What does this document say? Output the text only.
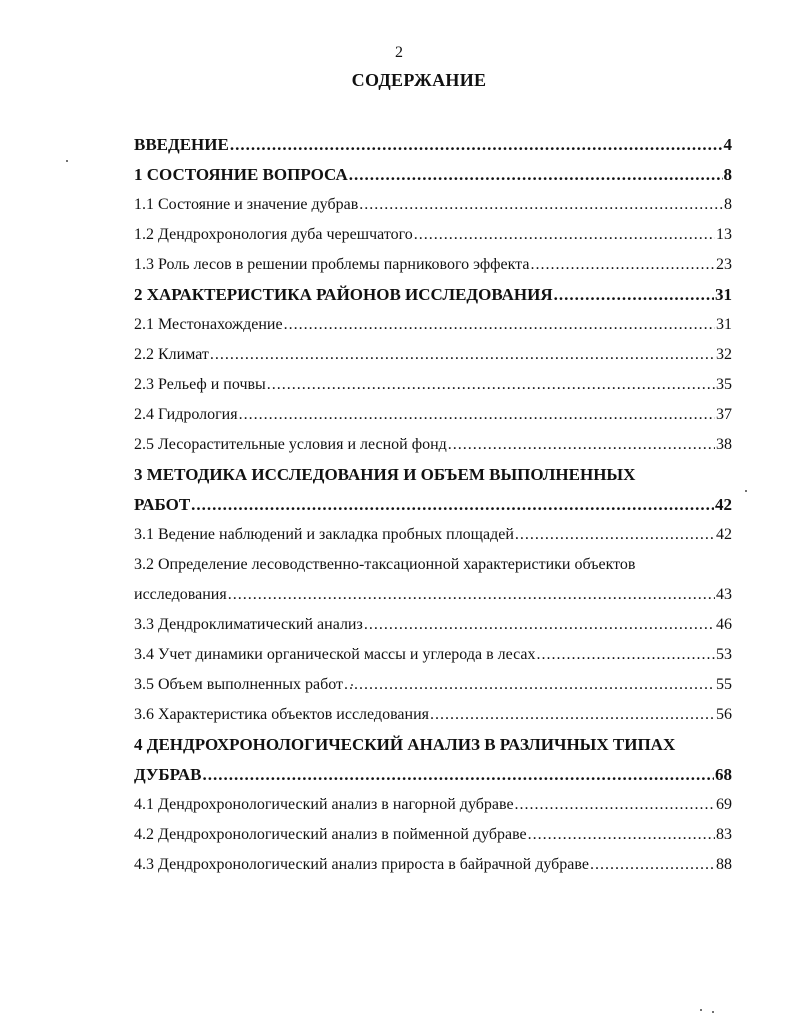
2
СОДЕРЖАНИЕ
ВВЕДЕНИЕ .....	4
1 СОСТОЯНИЕ ВОПРОСА .....	8
1.1 Состояние и значение дубрав .....	8
1.2 Дендрохронология дуба черешчатого .....	13
1.3 Роль лесов в решении проблемы парникового эффекта .....	23
2 ХАРАКТЕРИСТИКА РАЙОНОВ ИССЛЕДОВАНИЯ .....	31
2.1 Местонахождение .....	31
2.2 Климат .....	32
2.3 Рельеф и почвы .....	35
2.4 Гидрология .....	37
2.5 Лесорастительные условия и лесной фонд .....	38
3 МЕТОДИКА ИССЛЕДОВАНИЯ И ОБЪЕМ ВЫПОЛНЕННЫХ
РАБОТ .....	42
3.1 Ведение наблюдений и закладка пробных площадей .....	42
3.2 Определение лесоводственно-таксационной характеристики объектов
исследования .....	43
3.3 Дендроклиматический анализ .....	46
3.4 Учет динамики органической массы и углерода в лесах .....	53
3.5 Объем выполненных работ .....	55
3.6 Характеристика объектов исследования .....	56
4 ДЕНДРОХРОНОЛОГИЧЕСКИЙ АНАЛИЗ В РАЗЛИЧНЫХ ТИПАХ
ДУБРАВ .....	68
4.1 Дендрохронологический анализ в нагорной дубраве .....	69
4.2 Дендрохронологический анализ в пойменной дубраве .....	83
4.3 Дендрохронологический анализ прироста в байрачной дубраве .....	88
